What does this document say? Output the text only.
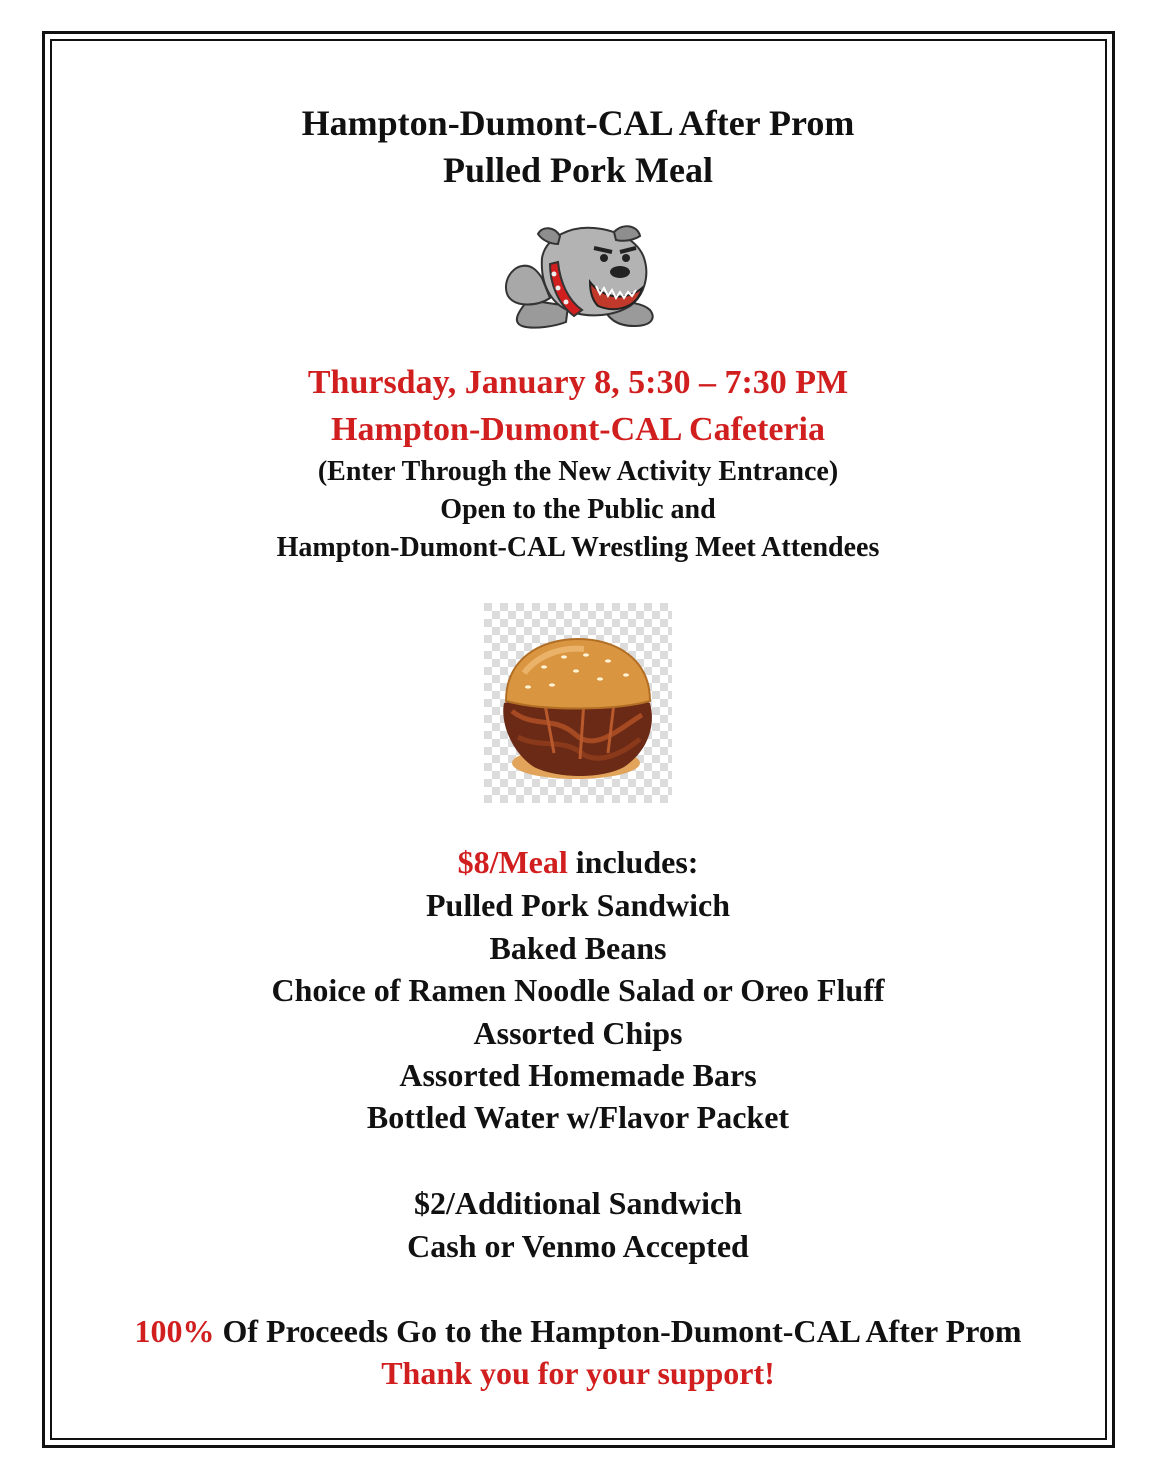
Hampton-Dumont-CAL After Prom
Pulled Pork Meal
Thursday, January 8, 5:30 – 7:30 PM
Hampton-Dumont-CAL Cafeteria
(Enter Through the New Activity Entrance)
Open to the Public and
Hampton-Dumont-CAL Wrestling Meet Attendees
$8/Meal includes:
Pulled Pork Sandwich
Baked Beans
Choice of Ramen Noodle Salad or Oreo Fluff
Assorted Chips
Assorted Homemade Bars
Bottled Water w/Flavor Packet
$2/Additional Sandwich
Cash or Venmo Accepted
100% Of Proceeds Go to the Hampton-Dumont-CAL After Prom
Thank you for your support!
